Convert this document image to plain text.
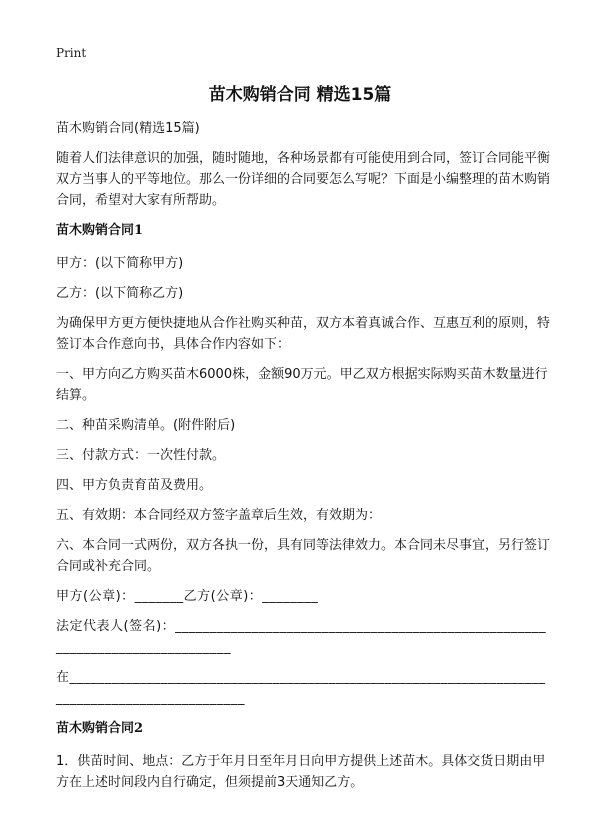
Print
苗木购销合同 精选15篇

苗木购销合同(精选15篇)

随着人们法律意识的加强，随时随地，各种场景都有可能使用到合同，签订合同能平衡双方当事人的平等地位。那么一份详细的合同要怎么写呢？下面是小编整理的苗木购销合同，希望对大家有所帮助。

苗木购销合同1

甲方：(以下简称甲方)

乙方：(以下简称乙方)

为确保甲方更方便快捷地从合作社购买种苗，双方本着真诚合作、互惠互利的原则，特签订本合作意向书，具体合作内容如下：

一、甲方向乙方购买苗木6000株，金额90万元。甲乙双方根据实际购买苗木数量进行结算。

二、种苗采购清单。(附件附后)

三、付款方式：一次性付款。

四、甲方负责育苗及费用。

五、有效期：本合同经双方签字盖章后生效，有效期为：

六、本合同一式两份，双方各执一份，具有同等法律效力。本合同未尽事宜，另行签订合同或补充合同。

甲方(公章)：_______乙方(公章)：________

法定代表人(签名)：______________________________________________________________________________

在_______________________________________________________________________________________________

苗木购销合同2

1．供苗时间、地点：乙方于年月日至年月日向甲方提供上述苗木。具体交货日期由甲方在上述时间段内自行确定，但须提前3天通知乙方。
